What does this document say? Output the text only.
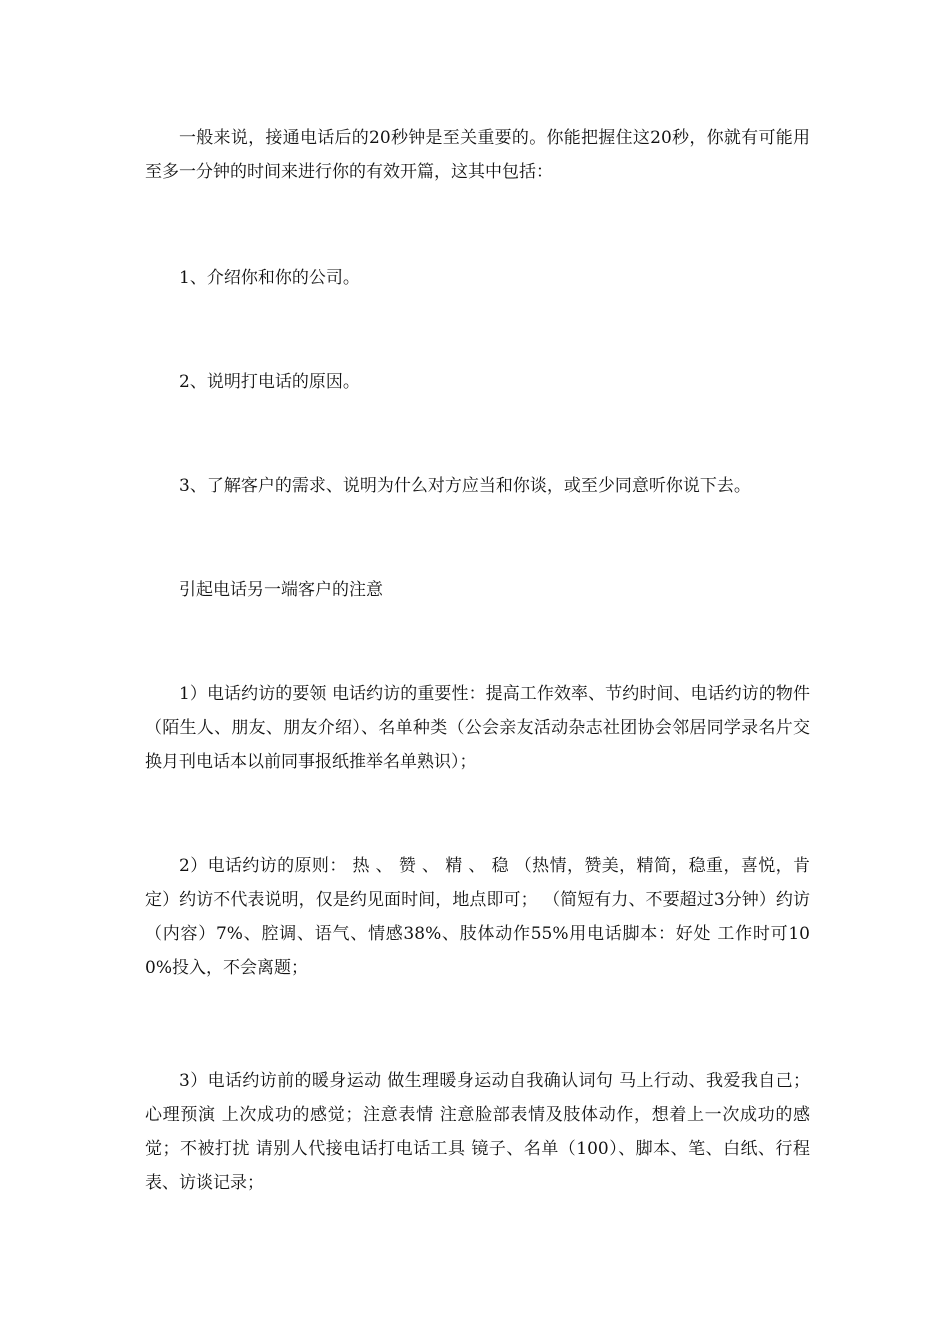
一般来说，接通电话后的20秒钟是至关重要的。你能把握住这20秒，你就有可能用至多一分钟的时间来进行你的有效开篇，这其中包括：

1、介绍你和你的公司。

2、说明打电话的原因。

3、了解客户的需求、说明为什么对方应当和你谈，或至少同意听你说下去。

引起电话另一端客户的注意

1）电话约访的要领 电话约访的重要性：提高工作效率、节约时间、电话约访的物件（陌生人、朋友、朋友介绍）、名单种类（公会亲友活动杂志社团协会邻居同学录名片交换月刊电话本以前同事报纸推举名单熟识）；

2）电话约访的原则： 热 、 赞 、 精 、 稳 （热情，赞美，精简，稳重，喜悦，肯定）约访不代表说明，仅是约见面时间，地点即可； （简短有力、不要超过3分钟）约访（内容）7%、腔调、语气、情感38%、肢体动作55%用电话脚本：好处 工作时可100%投入，不会离题；

3）电话约访前的暖身运动 做生理暖身运动自我确认词句 马上行动、我爱我自己；心理预演 上次成功的感觉；注意表情 注意脸部表情及肢体动作，想着上一次成功的感觉；不被打扰 请别人代接电话打电话工具 镜子、名单（100）、脚本、笔、白纸、行程表、访谈记录；
